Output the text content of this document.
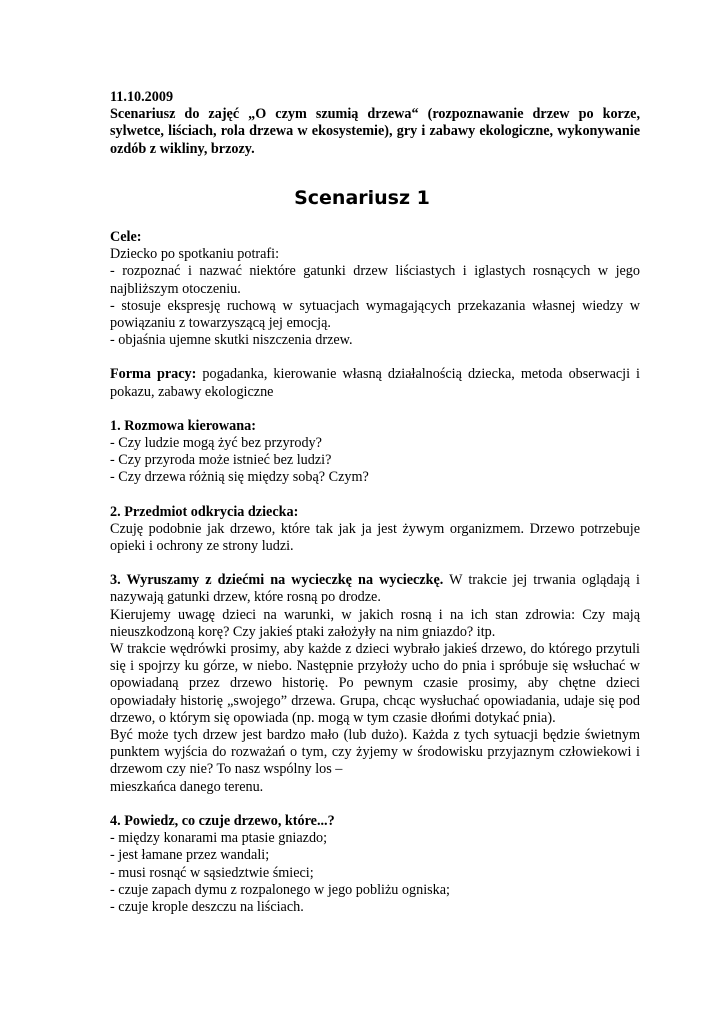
11.10.2009

Scenariusz do zajęć „O czym szumią drzewa“ (rozpoznawanie drzew po korze, sylwetce, liściach, rola drzewa w ekosystemie), gry i zabawy ekologiczne, wykonywanie ozdób z wikliny, brzozy.

Scenariusz 1

Cele:

Dziecko po spotkaniu potrafi:

- rozpoznać i nazwać niektóre gatunki drzew liściastych i iglastych rosnących w jego najbliższym otoczeniu.

- stosuje ekspresję ruchową w sytuacjach wymagających przekazania własnej wiedzy w powiązaniu z towarzyszącą jej emocją.

- objaśnia ujemne skutki niszczenia drzew.

Forma pracy: pogadanka, kierowanie własną działalnością dziecka, metoda obserwacji i pokazu, zabawy ekologiczne

1. Rozmowa kierowana:

- Czy ludzie mogą żyć bez przyrody?

- Czy przyroda może istnieć bez ludzi?

- Czy drzewa różnią się między sobą? Czym?

2. Przedmiot odkrycia dziecka:

Czuję podobnie jak drzewo, które tak jak ja jest żywym organizmem. Drzewo potrzebuje opieki i ochrony ze strony ludzi.

3. Wyruszamy z dziećmi na wycieczkę na wycieczkę. W trakcie jej trwania oglądają i nazywają gatunki drzew, które rosną po drodze.

Kierujemy uwagę dzieci na warunki, w jakich rosną i na ich stan zdrowia: Czy mają nieuszkodzoną korę? Czy jakieś ptaki założyły na nim gniazdo? itp.

W trakcie wędrówki prosimy, aby każde z dzieci wybrało jakieś drzewo, do którego przytuli się i spojrzy ku górze, w niebo. Następnie przyłoży ucho do pnia i spróbuje się wsłuchać w opowiadaną przez drzewo historię. Po pewnym czasie prosimy, aby chętne dzieci opowiadały historię „swojego” drzewa. Grupa, chcąc wysłuchać opowiadania, udaje się pod drzewo, o którym się opowiada (np. mogą w tym czasie dłońmi dotykać pnia).

Być może tych drzew jest bardzo mało (lub dużo). Każda z tych sytuacji będzie świetnym punktem wyjścia do rozważań o tym, czy żyjemy w środowisku przyjaznym człowiekowi i drzewom czy nie? To nasz wspólny los –

mieszkańca danego terenu.

4. Powiedz, co czuje drzewo, które...?

- między konarami ma ptasie gniazdo;

- jest łamane przez wandali;

- musi rosnąć w sąsiedztwie śmieci;

- czuje zapach dymu z rozpalonego w jego pobliżu ogniska;

- czuje krople deszczu na liściach.
